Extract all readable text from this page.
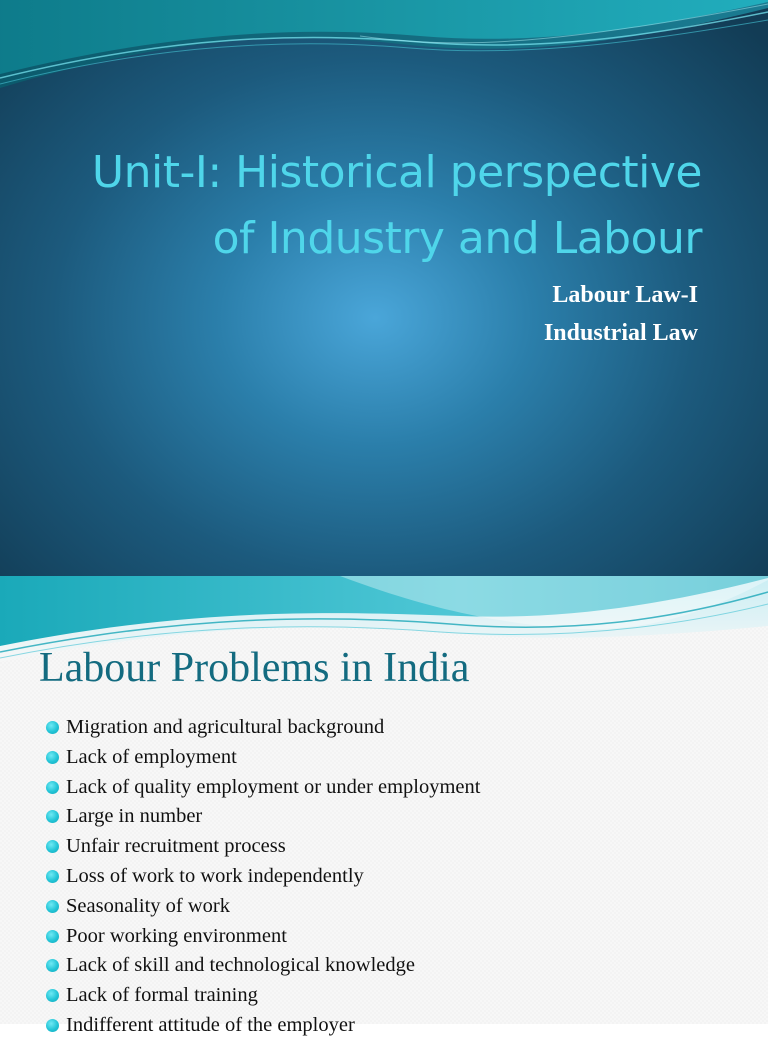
Unit-I: Historical perspective
of Industry and Labour
Labour Law-I
Industrial Law
Labour Problems in India
Migration and agricultural background
Lack of employment
Lack of quality employment or under employment
Large in number
Unfair recruitment process
Loss of work to work independently
Seasonality of work
Poor working environment
Lack of skill and technological knowledge
Lack of formal training
Indifferent attitude of the employer
